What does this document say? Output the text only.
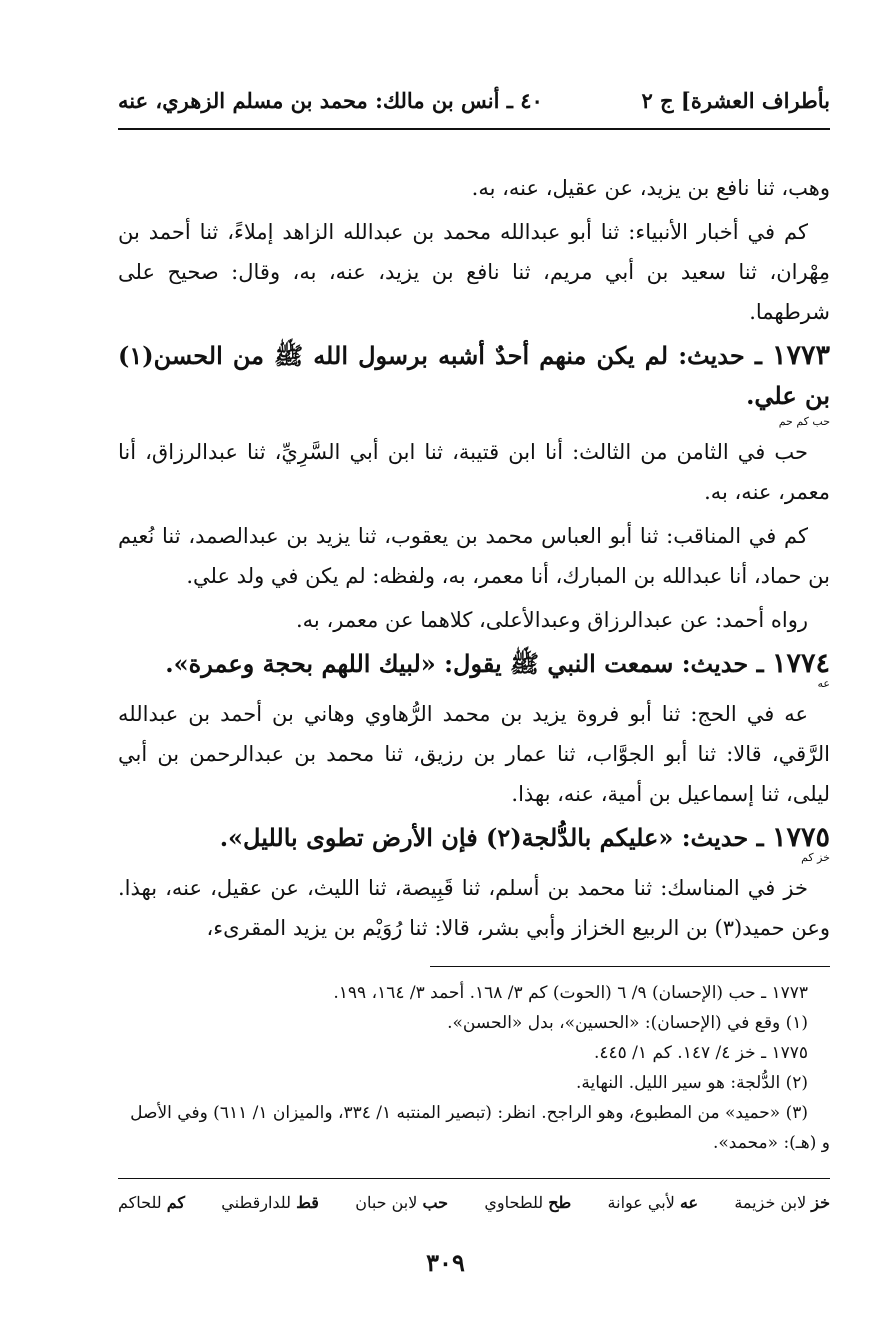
بأطراف العشرة] ج ٢
٤٠ ـ أنس بن مالك: محمد بن مسلم الزهري، عنه

وهب، ثنا نافع بن يزيد، عن عقيل، عنه، به.

كم في أخبار الأنبياء: ثنا أبو عبدالله محمد بن عبدالله الزاهد إملاءً، ثنا أحمد بن مِهْران، ثنا سعيد بن أبي مريم، ثنا نافع بن يزيد، عنه، به، وقال: صحيح على شرطهما.

١٧٧٣ ـ حديث: لم يكن منهم أحدٌ أشبه برسول الله ﷺ من الحسن(١) بن علي.
حب كم حم

حب في الثامن من الثالث: أنا ابن قتيبة، ثنا ابن أبي السَّرِيِّ، ثنا عبدالرزاق، أنا معمر، عنه، به.

كم في المناقب: ثنا أبو العباس محمد بن يعقوب، ثنا يزيد بن عبدالصمد، ثنا نُعيم بن حماد، أنا عبدالله بن المبارك، أنا معمر، به، ولفظه: لم يكن في ولد علي.

رواه أحمد: عن عبدالرزاق وعبدالأعلى، كلاهما عن معمر، به.

١٧٧٤ ـ حديث: سمعت النبي ﷺ يقول: «لبيك اللهم بحجة وعمرة».
عه

عه في الحج: ثنا أبو فروة يزيد بن محمد الرُّهاوي وهاني بن أحمد بن عبدالله الرَّقي، قالا: ثنا أبو الجوَّاب، ثنا عمار بن رزيق، ثنا محمد بن عبدالرحمن بن أبي ليلى، ثنا إسماعيل بن أمية، عنه، بهذا.

١٧٧٥ ـ حديث: «عليكم بالدُّلجة(٢) فإن الأرض تطوى بالليل».
خز كم

خز في المناسك: ثنا محمد بن أسلم، ثنا قَبِيصة، ثنا الليث، عن عقيل، عنه، بهذا. وعن حميد(٣) بن الربيع الخزاز وأبي بشر، قالا: ثنا رُوَيْم بن يزيد المقرىء،

١٧٧٣ ـ حب (الإحسان) ٩/ ٦ (الحوت) كم ٣/ ١٦٨. أحمد ٣/ ١٦٤، ١٩٩.

(١) وقع في (الإحسان): «الحسين»، بدل «الحسن».

١٧٧٥ ـ خز ٤/ ١٤٧. كم ١/ ٤٤٥.

(٢) الدُّلجة: هو سير الليل. النهاية.

(٣) «حميد» من المطبوع، وهو الراجح. انظر: (تبصير المنتبه ١/ ٣٣٤، والميزان ١/ ٦١١) وفي الأصل و (هـ): «محمد».

خز لابن خزيمة
عه لأبي عوانة
طح للطحاوي
حب لابن حبان
قط للدارقطني
كم للحاكم
٣٠٩
